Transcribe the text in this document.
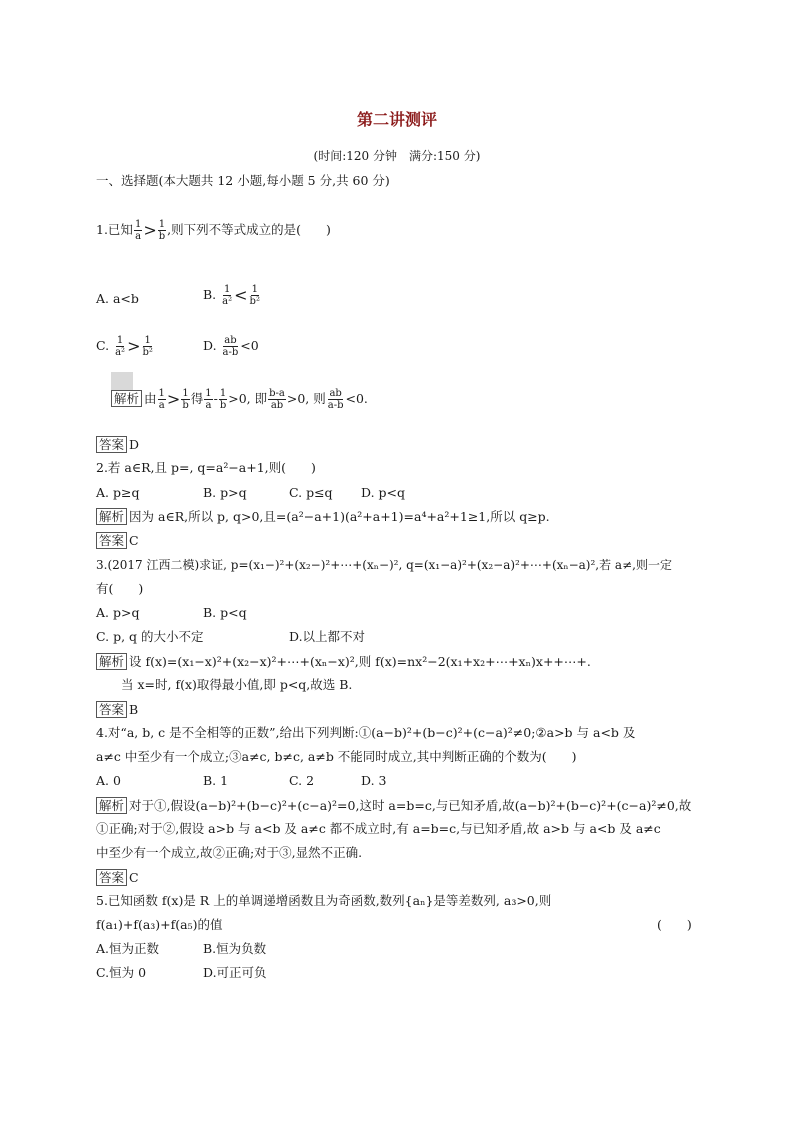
第二讲测评
(时间:120 分钟　满分:150 分)
一、选择题(本大题共 12 小题,每小题 5 分,共 60 分)
1.已知 $\frac{1}{a} > \frac{1}{b}$ ,则下列不等式成立的是(　　)
A. a<b	B. $\frac{1}{\text{a²}} < \frac{1}{\text{b²}}$
C. $\frac{1}{\text{a²}} > \frac{1}{\text{b²}}$	D. $\frac{ab}{a-b} <0$
解析 由 $\frac{1}{a} > \frac{1}{b}$ 得 $\frac{1}{a} - \frac{1}{b} >0$, 即 $\frac{b-a}{ab} >0$, 则 $\frac{ab}{a-b} <0$.
答案 D
2.若 a∈R,且 p=, q=a²−a+1,则(　　)
A. p≥q	B. p>q	C. p≤q D. p<q
解析 因为 a∈R,所以 p, q>0,且=(a²−a+1)(a²+a+1)=a⁴+a²+1≥1,所以 q≥p.
答案 C
3.(2017 江西二模)求证, p=(x₁−)²+(x₂−)²+⋯+(xₙ−)², q=(x₁−a)²+(x₂−a)²+⋯+(xₙ−a)²,若 a≠,则一定
有(　　)
A. p>q	B. p<q
C. p, q 的大小不定	D.以上都不对
解析 设 f(x)=(x₁−x)²+(x₂−x)²+⋯+(xₙ−x)²,则 f(x)=nx²−2(x₁+x₂+⋯+xₙ)x++⋯+.
当 x=时, f(x)取得最小值,即 p<q,故选 B.
答案 B
4.对“a, b, c 是不全相等的正数”,给出下列判断:①(a−b)²+(b−c)²+(c−a)²≠0;②a>b 与 a<b 及
a≠c 中至少有一个成立;③a≠c, b≠c, a≠b 不能同时成立,其中判断正确的个数为(　　)
A. 0	B. 1	C. 2	D. 3
解析 对于①,假设(a−b)²+(b−c)²+(c−a)²=0,这时 a=b=c,与已知矛盾,故(a−b)²+(b−c)²+(c−a)²≠0,故
①正确;对于②,假设 a>b 与 a<b 及 a≠c 都不成立时,有 a=b=c,与已知矛盾,故 a>b 与 a<b 及 a≠c
中至少有一个成立,故②正确;对于③,显然不正确.
答案 C
5.已知函数 f(x)是 R 上的单调递增函数且为奇函数,数列{aₙ}是等差数列, a₃>0,则
f(a₁)+f(a₃)+f(a₅)的值	(　　)
A.恒为正数	B.恒为负数
C.恒为 0	D.可正可负
